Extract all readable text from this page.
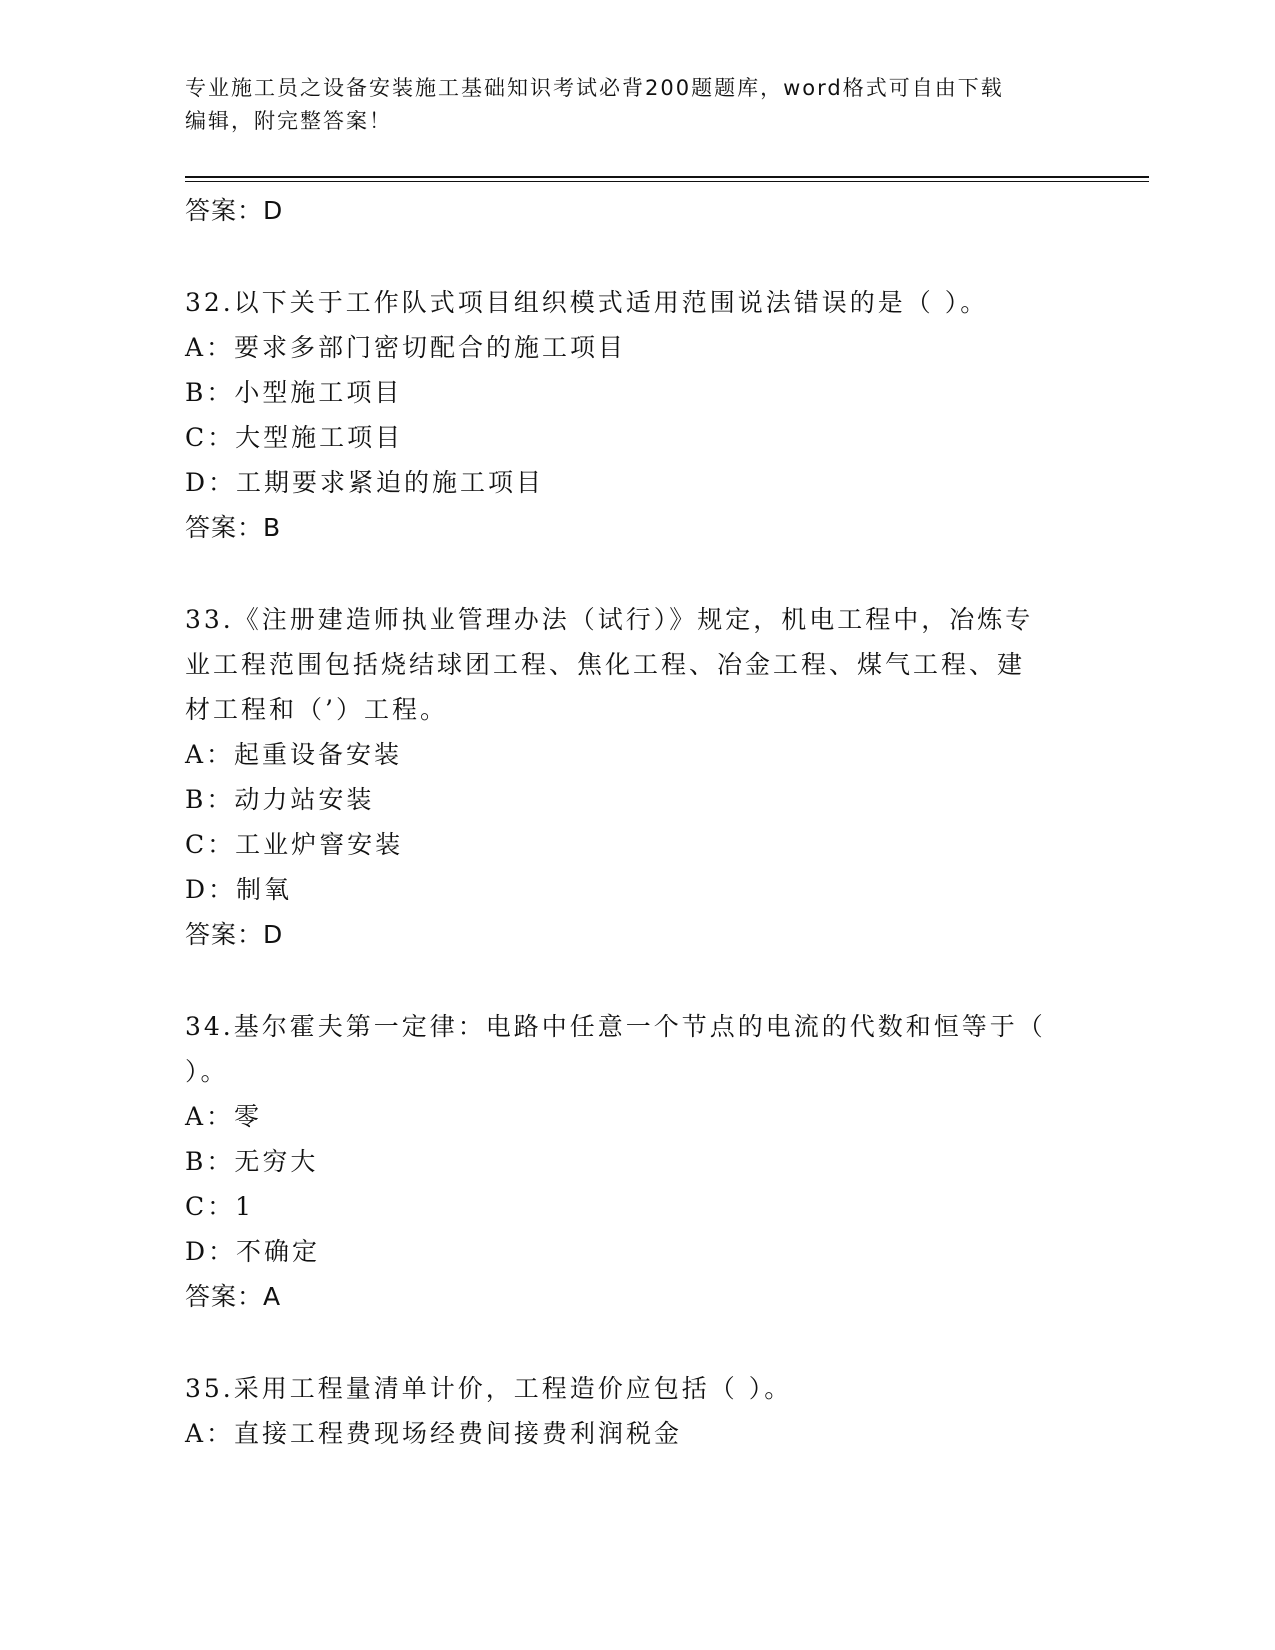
专业施工员之设备安装施工基础知识考试必背200题题库，word格式可自由下载
编辑，附完整答案！

答案：D

32.以下关于工作队式项目组织模式适用范围说法错误的是（ ）。

A：要求多部门密切配合的施工项目

B：小型施工项目

C：大型施工项目

D：工期要求紧迫的施工项目

答案：B

33.《注册建造师执业管理办法（试行）》规定，机电工程中，冶炼专

业工程范围包括烧结球团工程、焦化工程、冶金工程、煤气工程、建

材工程和（’）工程。

A：起重设备安装

B：动力站安装

C：工业炉窨安装

D：制氧

答案：D

34.基尔霍夫第一定律：电路中任意一个节点的电流的代数和恒等于（

）。

A：零

B：无穷大

C：1

D：不确定

答案：A

35.采用工程量清单计价，工程造价应包括（ ）。

A：直接工程费现场经费间接费利润税金
